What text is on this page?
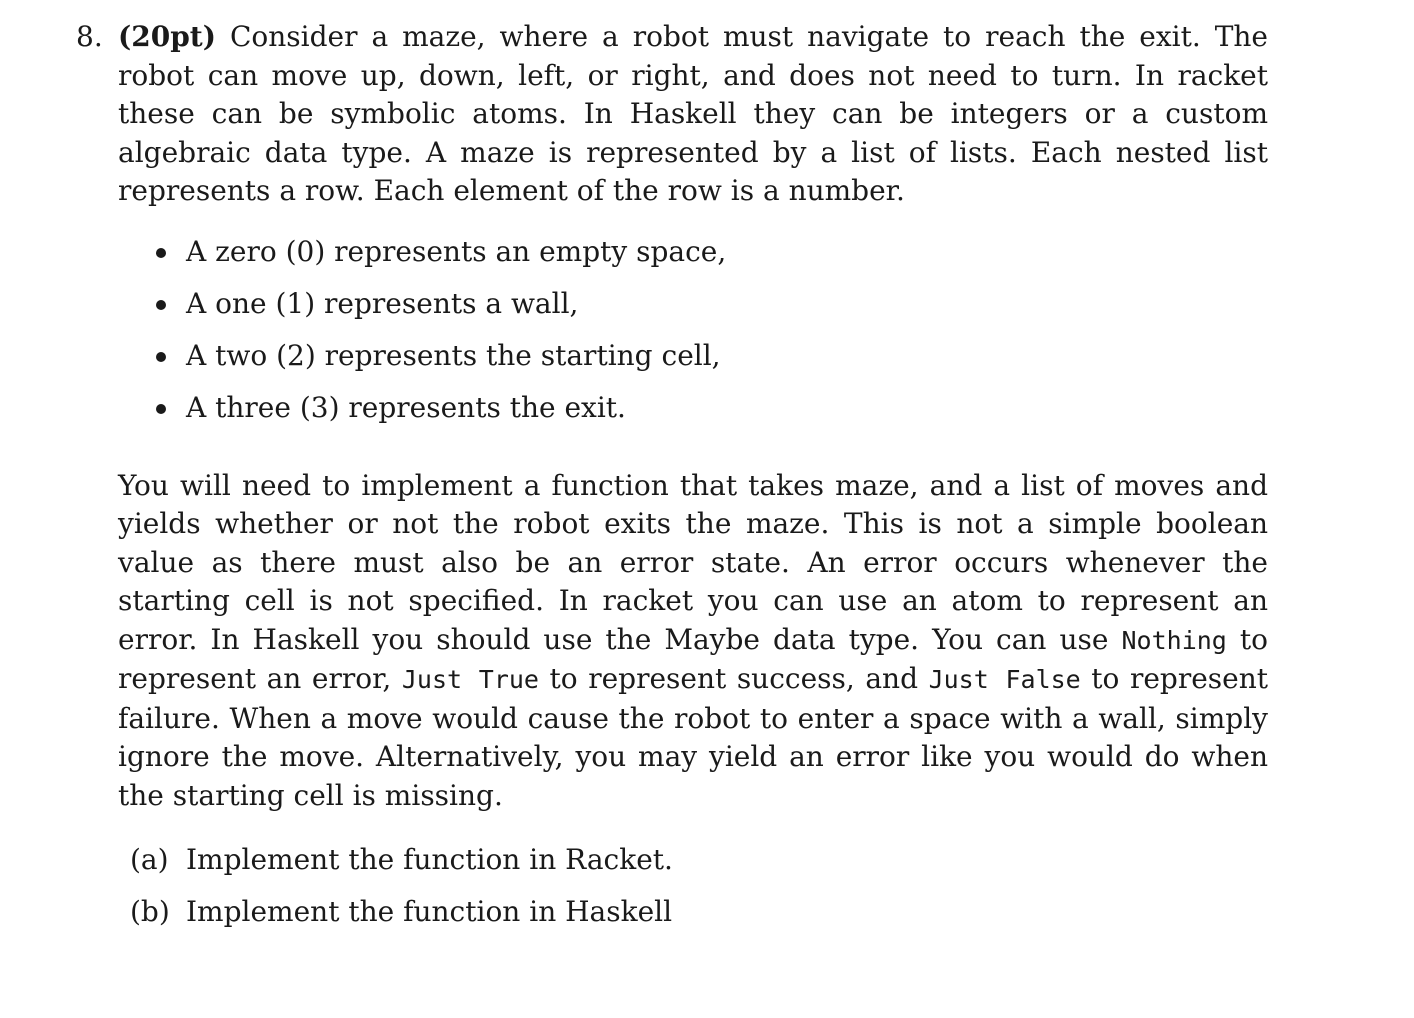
8. (20pt) Consider a maze, where a robot must navigate to reach the exit. The robot can move up, down, left, or right, and does not need to turn. In racket these can be symbolic atoms. In Haskell they can be integers or a custom algebraic data type. A maze is represented by a list of lists. Each nested list represents a row. Each element of the row is a number.

A zero (0) represents an empty space,
A one (1) represents a wall,
A two (2) represents the starting cell,
A three (3) represents the exit.

You will need to implement a function that takes maze, and a list of moves and yields whether or not the robot exits the maze. This is not a simple boolean value as there must also be an error state. An error occurs whenever the starting cell is not specified. In racket you can use an atom to represent an error. In Haskell you should use the Maybe data type. You can use Nothing to represent an error, Just True to represent success, and Just False to represent failure. When a move would cause the robot to enter a space with a wall, simply ignore the move. Alternatively, you may yield an error like you would do when the starting cell is missing.

(a) Implement the function in Racket.
(b) Implement the function in Haskell
